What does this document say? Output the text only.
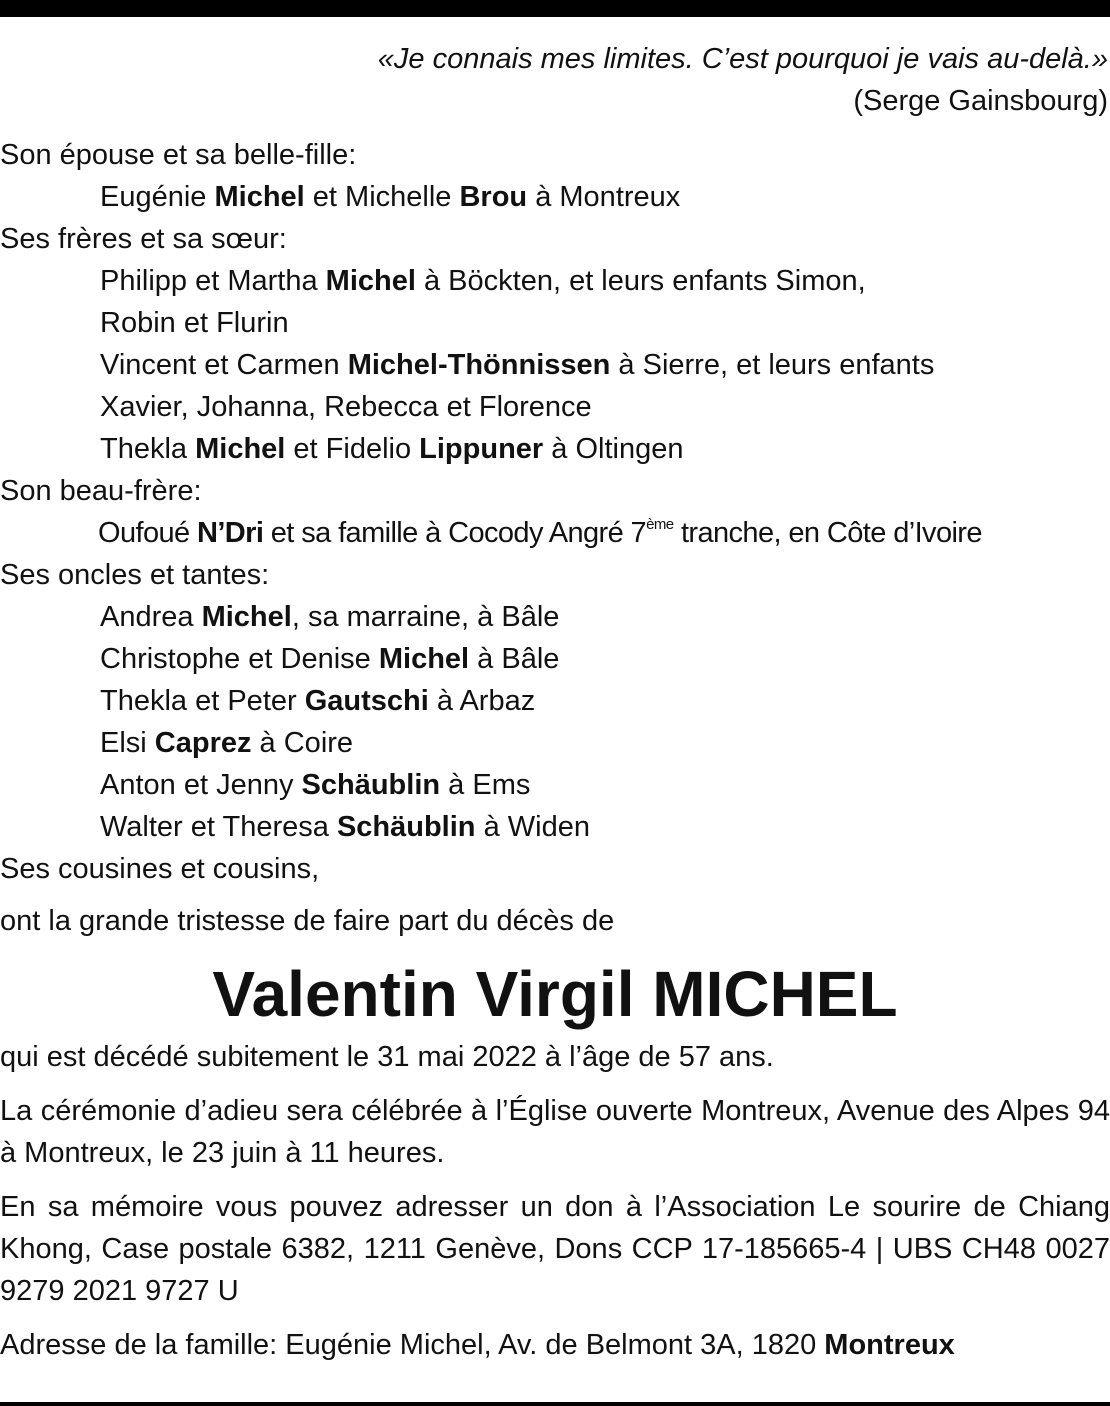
«Je connais mes limites. C’est pourquoi je vais au-delà.»
(Serge Gainsbourg)
Son épouse et sa belle-fille:
Eugénie Michel et Michelle Brou à Montreux
Ses frères et sa sœur:
Philipp et Martha Michel à Böckten, et leurs enfants Simon,
Robin et Flurin
Vincent et Carmen Michel-Thönnissen à Sierre, et leurs enfants
Xavier, Johanna, Rebecca et Florence
Thekla Michel et Fidelio Lippuner à Oltingen
Son beau-frère:
Oufoué N’Dri et sa famille à Cocody Angré 7ème tranche, en Côte d’Ivoire
Ses oncles et tantes:
Andrea Michel, sa marraine, à Bâle
Christophe et Denise Michel à Bâle
Thekla et Peter Gautschi à Arbaz
Elsi Caprez à Coire
Anton et Jenny Schäublin à Ems
Walter et Theresa Schäublin à Widen
Ses cousines et cousins,
ont la grande tristesse de faire part du décès de
Valentin Virgil MICHEL
qui est décédé subitement le 31 mai 2022 à l’âge de 57 ans.
La cérémonie d’adieu sera célébrée à l’Église ouverte Montreux, Avenue des Alpes 94 à Montreux, le 23 juin à 11 heures.
En sa mémoire vous pouvez adresser un don à l’Association Le sourire de Chiang Khong, Case postale 6382, 1211 Genève, Dons CCP 17-185665-4 | UBS CH48 0027 9279 2021 9727 U
Adresse de la famille: Eugénie Michel, Av. de Belmont 3A, 1820 Montreux
